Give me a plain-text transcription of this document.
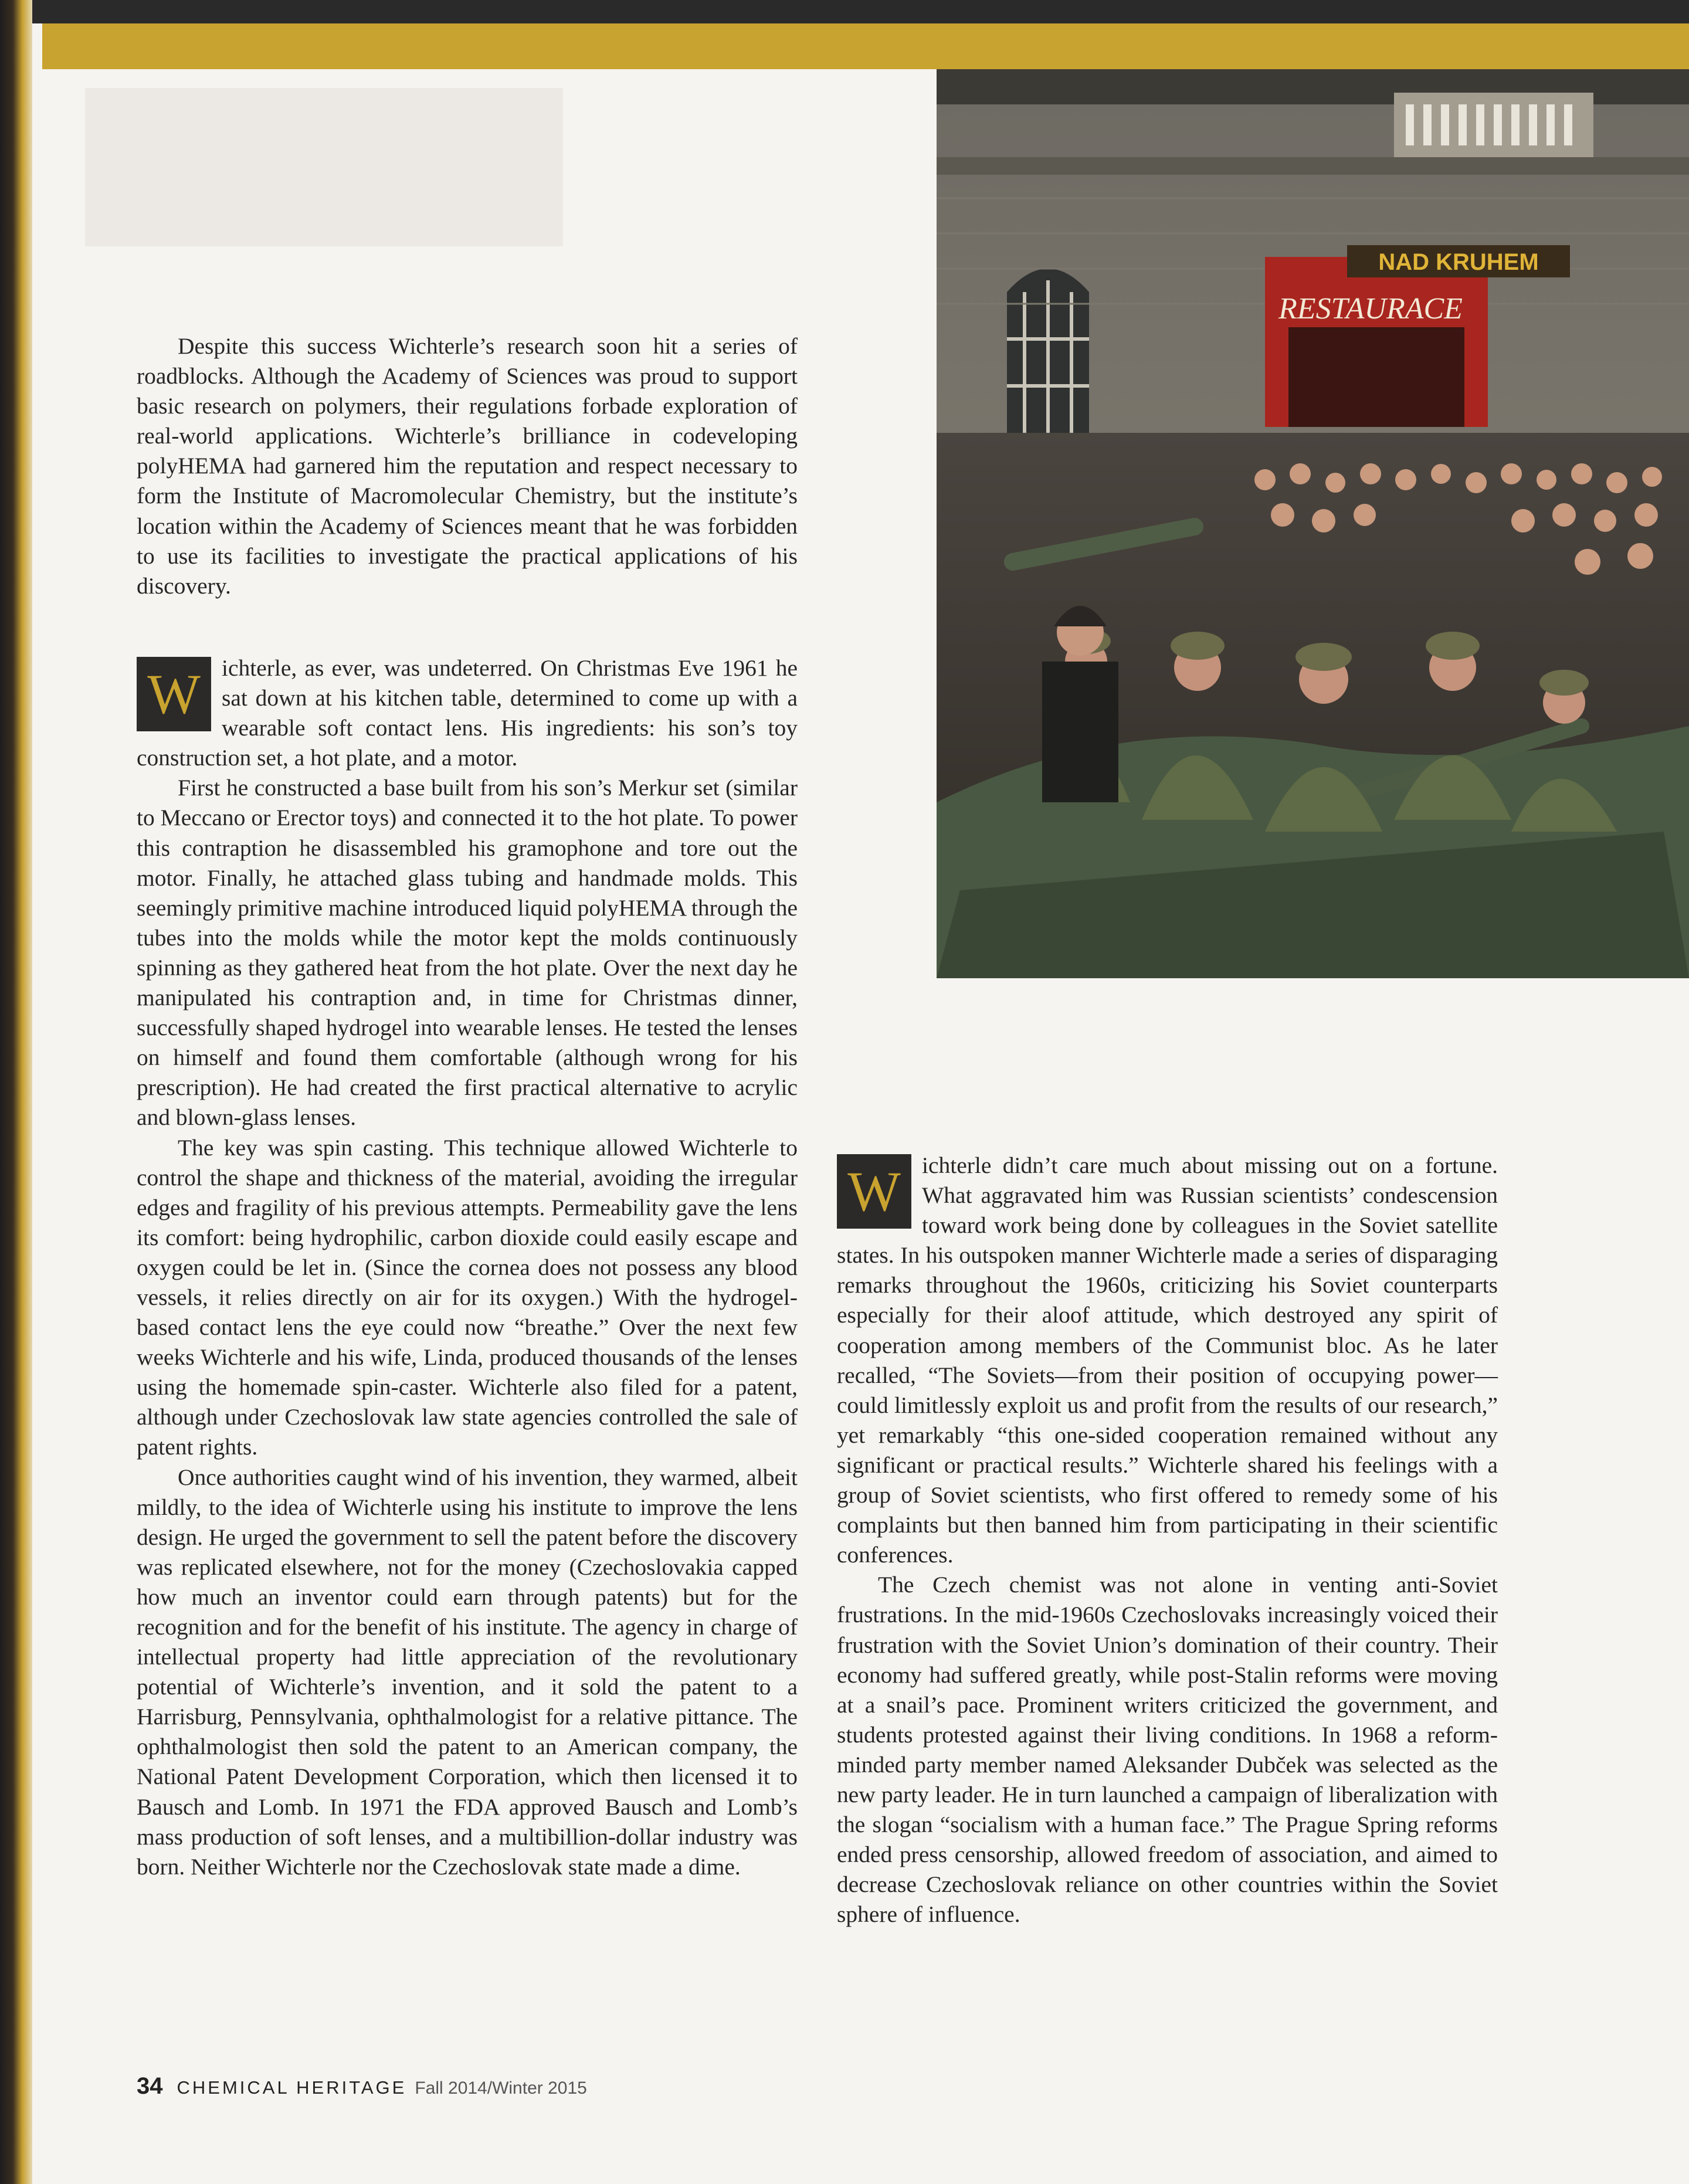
NAD KRUHEM
RESTAURACE

Despite this success Wichterle’s research soon hit a series of roadblocks. Although the Academy of Sciences was proud to support basic research on polymers, their regulations forbade exploration of real-world applications. Wichterle’s brilliance in codeveloping polyHEMA had garnered him the reputation and respect necessary to form the Institute of Macromolecular Chemistry, but the institute’s location within the Academy of Sciences meant that he was forbidden to use its facilities to investigate the practical applications of his discovery.

W ichterle, as ever, was undeterred. On Christmas Eve 1961 he sat down at his kitchen table, determined to come up with a wearable soft contact lens. His ingredients: his son’s toy construction set, a hot plate, and a motor.

First he constructed a base built from his son’s Merkur set (similar to Meccano or Erector toys) and connected it to the hot plate. To power this contraption he disassembled his gramophone and tore out the motor. Finally, he attached glass tubing and handmade molds. This seemingly primitive machine introduced liquid polyHEMA through the tubes into the molds while the motor kept the molds continuously spinning as they gathered heat from the hot plate. Over the next day he manipulated his contraption and, in time for Christmas dinner, successfully shaped hydrogel into wearable lenses. He tested the lenses on himself and found them comfortable (although wrong for his prescription). He had created the first practical alternative to acrylic and blown-glass lenses.

The key was spin casting. This technique allowed Wichterle to control the shape and thickness of the material, avoiding the irregular edges and fragility of his previous attempts. Permeability gave the lens its comfort: being hydrophilic, carbon dioxide could easily escape and oxygen could be let in. (Since the cornea does not possess any blood vessels, it relies directly on air for its oxygen.) With the hydrogel-based contact lens the eye could now “breathe.” Over the next few weeks Wichterle and his wife, Linda, produced thousands of the lenses using the homemade spin-caster. Wichterle also filed for a patent, although under Czechoslovak law state agencies controlled the sale of patent rights.

Once authorities caught wind of his invention, they warmed, albeit mildly, to the idea of Wichterle using his institute to improve the lens design. He urged the government to sell the patent before the discovery was replicated elsewhere, not for the money (Czechoslovakia capped how much an inventor could earn through patents) but for the recognition and for the benefit of his institute. The agency in charge of intellectual property had little appreciation of the revolutionary potential of Wichterle’s invention, and it sold the patent to a Harrisburg, Pennsylvania, ophthalmologist for a relative pittance. The ophthalmologist then sold the patent to an American company, the National Patent Development Corporation, which then licensed it to Bausch and Lomb. In 1971 the FDA approved Bausch and Lomb’s mass production of soft lenses, and a multibillion-dollar industry was born. Neither Wichterle nor the Czechoslovak state made a dime.

W ichterle didn’t care much about missing out on a fortune. What aggravated him was Russian scientists’ condescension toward work being done by colleagues in the Soviet satellite states. In his outspoken manner Wichterle made a series of disparaging remarks throughout the 1960s, criticizing his Soviet counterparts especially for their aloof attitude, which destroyed any spirit of cooperation among members of the Communist bloc. As he later recalled, “The Soviets—from their position of occupying power—could limitlessly exploit us and profit from the results of our research,” yet remarkably “this one-sided cooperation remained without any significant or practical results.” Wichterle shared his feelings with a group of Soviet scientists, who first offered to remedy some of his complaints but then banned him from participating in their scientific conferences.

The Czech chemist was not alone in venting anti-Soviet frustrations. In the mid-1960s Czechoslovaks increasingly voiced their frustration with the Soviet Union’s domination of their country. Their economy had suffered greatly, while post-Stalin reforms were moving at a snail’s pace. Prominent writers criticized the government, and students protested against their living conditions. In 1968 a reform-minded party member named Aleksander Dubček was selected as the new party leader. He in turn launched a campaign of liberalization with the slogan “socialism with a human face.” The Prague Spring reforms ended press censorship, allowed freedom of association, and aimed to decrease Czechoslovak reliance on other countries within the Soviet sphere of influence.

34 CHEMICAL HERITAGE Fall 2014/Winter 2015
